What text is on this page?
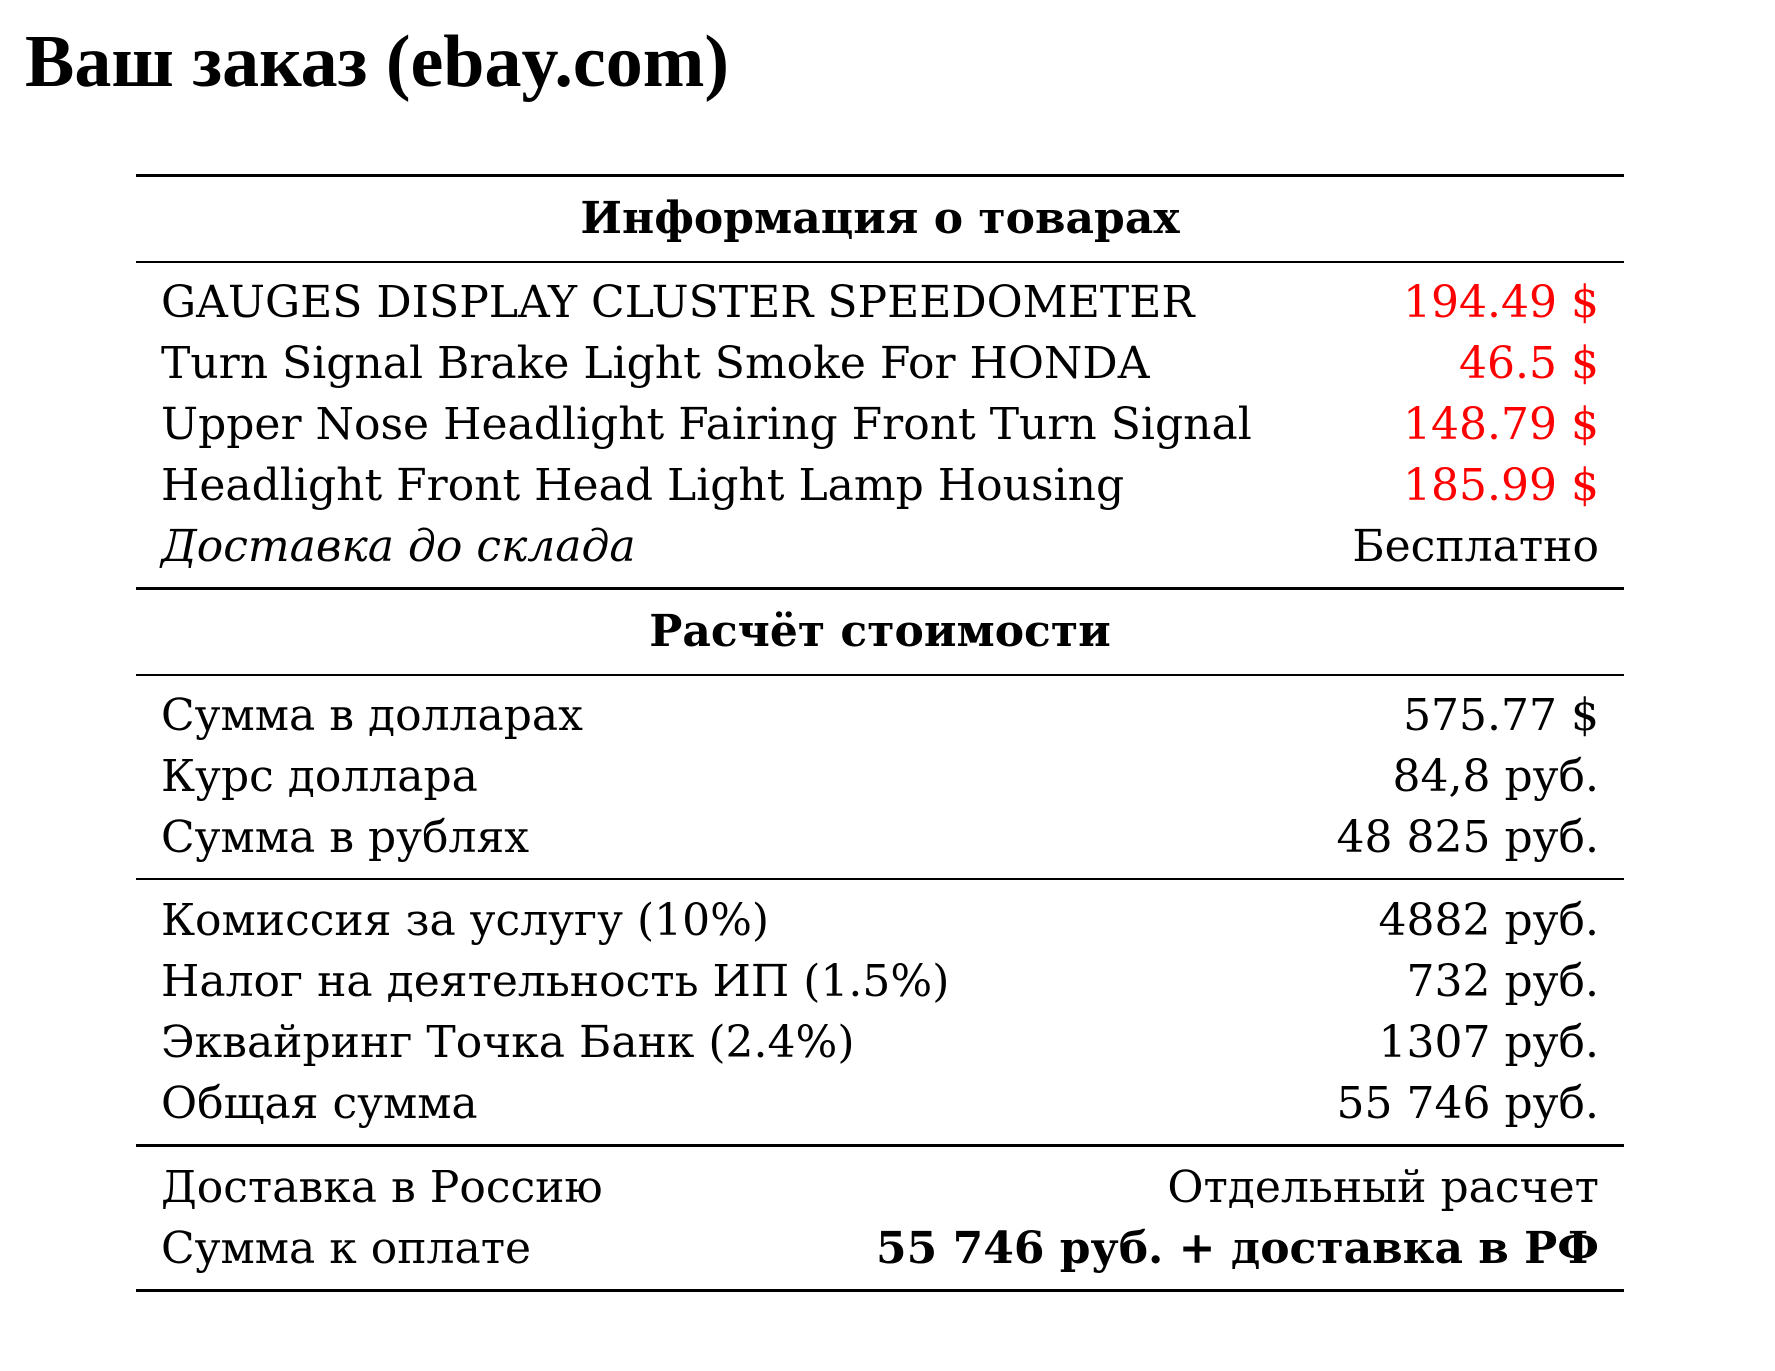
Ваш заказ (ebay.com)
Информация о товарах
GAUGES DISPLAY CLUSTER SPEEDOMETER	194.49 $
Turn Signal Brake Light Smoke For HONDA	46.5 $
Upper Nose Headlight Fairing Front Turn Signal	148.79 $
Headlight Front Head Light Lamp Housing	185.99 $
Доставка до склада	Бесплатно
Расчёт стоимости
Сумма в долларах	575.77 $
Курс доллара	84,8 руб.
Сумма в рублях	48 825 руб.
Комиссия за услугу (10%)	4882 руб.
Налог на деятельность ИП (1.5%)	732 руб.
Эквайринг Точка Банк (2.4%)	1307 руб.
Общая сумма	55 746 руб.
Доставка в Россию	Отдельный расчет
Сумма к оплате	55 746 руб. + доставка в РФ
